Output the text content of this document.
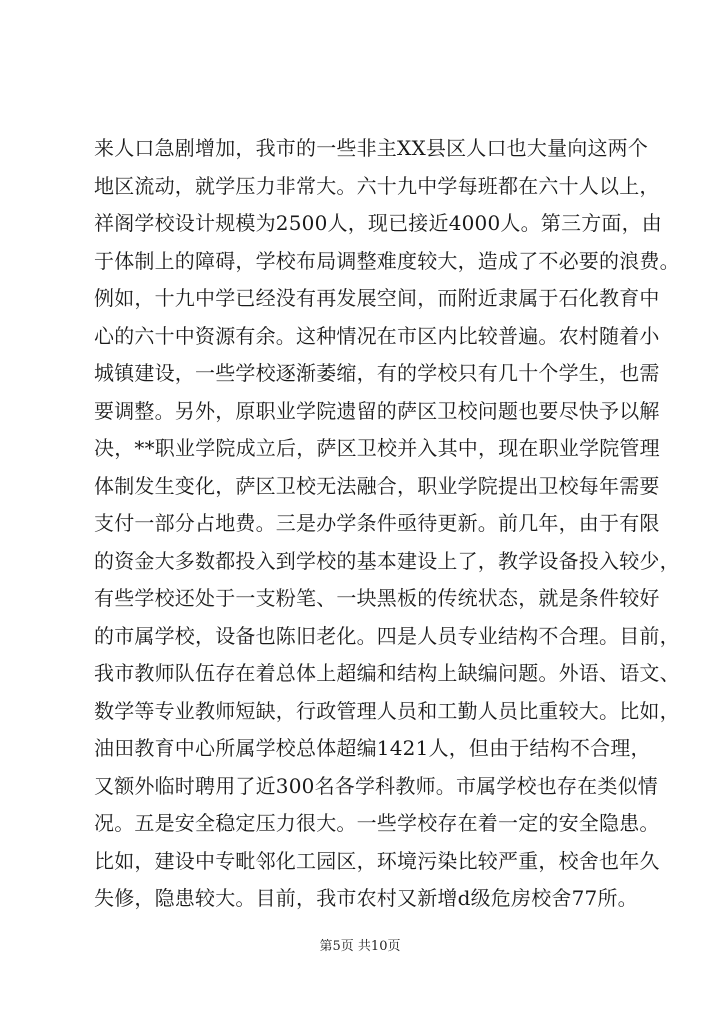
来人口急剧增加，我市的一些非主XX县区人口也大量向这两个
地区流动，就学压力非常大。六十九中学每班都在六十人以上，
祥阁学校设计规模为2500人，现已接近4000人。第三方面，由
于体制上的障碍，学校布局调整难度较大，造成了不必要的浪费。
例如，十九中学已经没有再发展空间，而附近隶属于石化教育中
心的六十中资源有余。这种情况在市区内比较普遍。农村随着小
城镇建设，一些学校逐渐萎缩，有的学校只有几十个学生，也需
要调整。另外，原职业学院遗留的萨区卫校问题也要尽快予以解
决，**职业学院成立后，萨区卫校并入其中，现在职业学院管理
体制发生变化，萨区卫校无法融合，职业学院提出卫校每年需要
支付一部分占地费。三是办学条件亟待更新。前几年，由于有限
的资金大多数都投入到学校的基本建设上了，教学设备投入较少，
有些学校还处于一支粉笔、一块黑板的传统状态，就是条件较好
的市属学校，设备也陈旧老化。四是人员专业结构不合理。目前，
我市教师队伍存在着总体上超编和结构上缺编问题。外语、语文、
数学等专业教师短缺，行政管理人员和工勤人员比重较大。比如，
油田教育中心所属学校总体超编1421人，但由于结构不合理，
又额外临时聘用了近300名各学科教师。市属学校也存在类似情
况。五是安全稳定压力很大。一些学校存在着一定的安全隐患。
比如，建设中专毗邻化工园区，环境污染比较严重，校舍也年久
失修，隐患较大。目前，我市农村又新增d级危房校舍77所。
第5页 共10页
